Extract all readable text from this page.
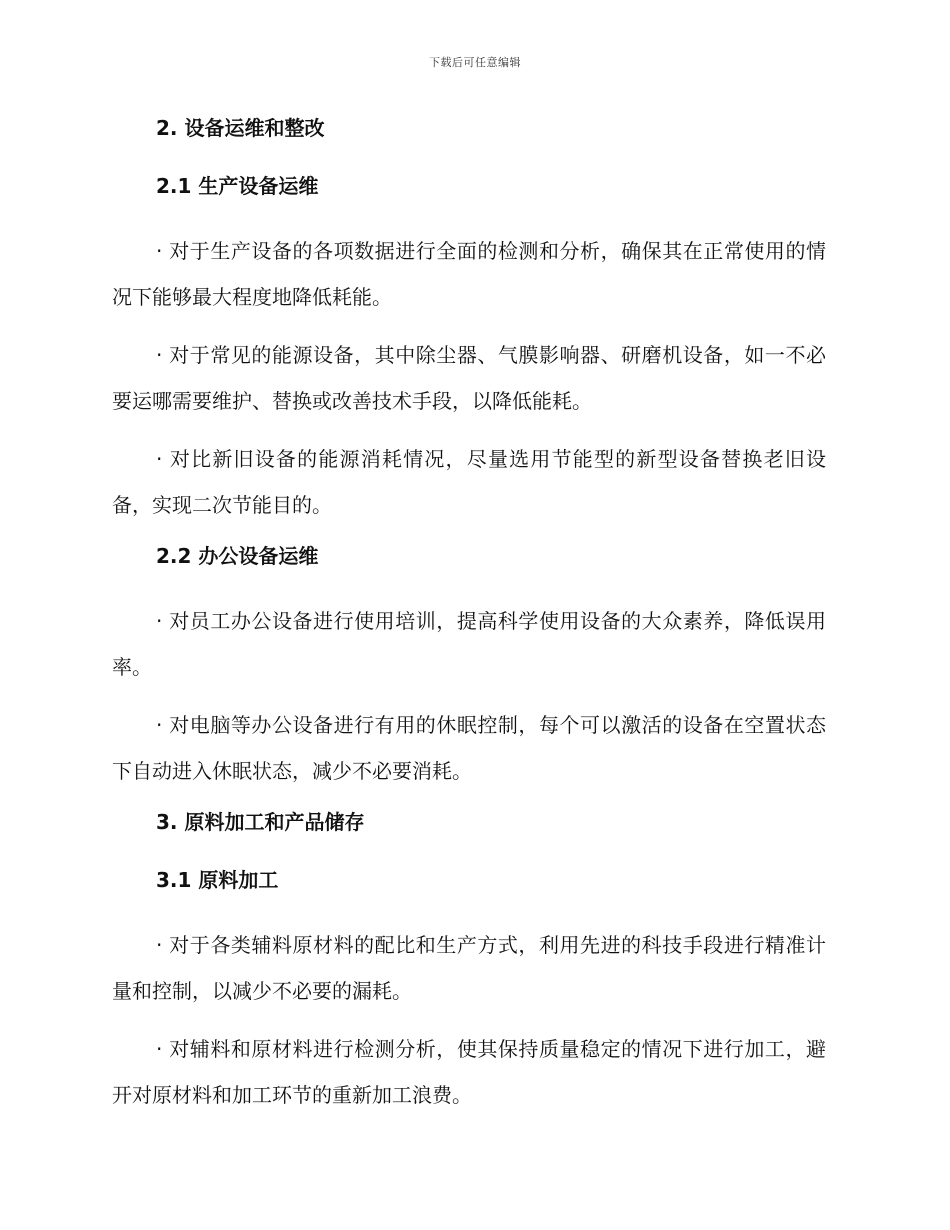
下载后可任意编辑
2. 设备运维和整改
2.1 生产设备运维

· 对于生产设备的各项数据进行全面的检测和分析，确保其在正常使用的情况下能够最大程度地降低耗能。

· 对于常见的能源设备，其中除尘器、气膜影响器、研磨机设备，如一不必要运哪需要维护、替换或改善技术手段，以降低能耗。

· 对比新旧设备的能源消耗情况，尽量选用节能型的新型设备替换老旧设备，实现二次节能目的。

2.2 办公设备运维

· 对员工办公设备进行使用培训，提高科学使用设备的大众素养，降低误用率。

· 对电脑等办公设备进行有用的休眠控制，每个可以激活的设备在空置状态下自动进入休眠状态，减少不必要消耗。

3. 原料加工和产品储存
3.1 原料加工

· 对于各类辅料原材料的配比和生产方式，利用先进的科技手段进行精准计量和控制，以减少不必要的漏耗。

· 对辅料和原材料进行检测分析，使其保持质量稳定的情况下进行加工，避开对原材料和加工环节的重新加工浪费。
